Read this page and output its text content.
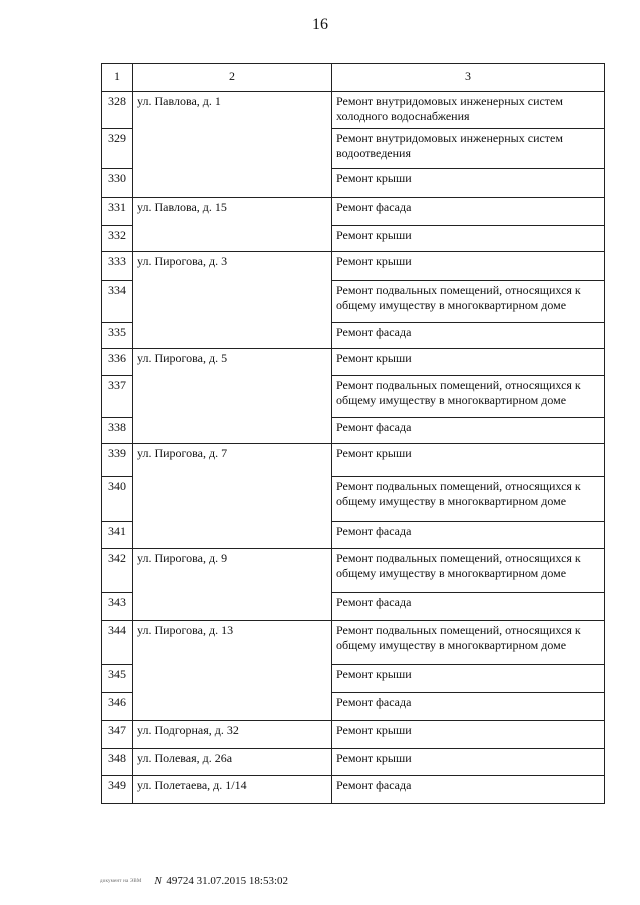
16
1	2	3
328	ул. Павлова, д. 1	Ремонт внутридомовых инженерных систем холодного водоснабжения
329		Ремонт внутридомовых инженерных систем водоотведения
330		Ремонт крыши
331	ул. Павлова, д. 15	Ремонт фасада
332		Ремонт крыши
333	ул. Пирогова, д. 3	Ремонт крыши
334		Ремонт подвальных помещений, относящихся к общему имуществу в многоквартирном доме
335		Ремонт фасада
336	ул. Пирогова, д. 5	Ремонт крыши
337		Ремонт подвальных помещений, относящихся к общему имуществу в многоквартирном доме
338		Ремонт фасада
339	ул. Пирогова, д. 7	Ремонт крыши
340		Ремонт подвальных помещений, относящихся к общему имуществу в многоквартирном доме
341		Ремонт фасада
342	ул. Пирогова, д. 9	Ремонт подвальных помещений, относящихся к общему имуществу в многоквартирном доме
343		Ремонт фасада
344	ул. Пирогова, д. 13	Ремонт подвальных помещений, относящихся к общему имуществу в многоквартирном доме
345		Ремонт крыши
346		Ремонт фасада
347	ул. Подгорная, д. 32	Ремонт крыши
348	ул. Полевая, д. 26а	Ремонт крыши
349	ул. Полетаева, д. 1/14	Ремонт фасада
документ на ЭВМ N 49724 31.07.2015 18:53:02
